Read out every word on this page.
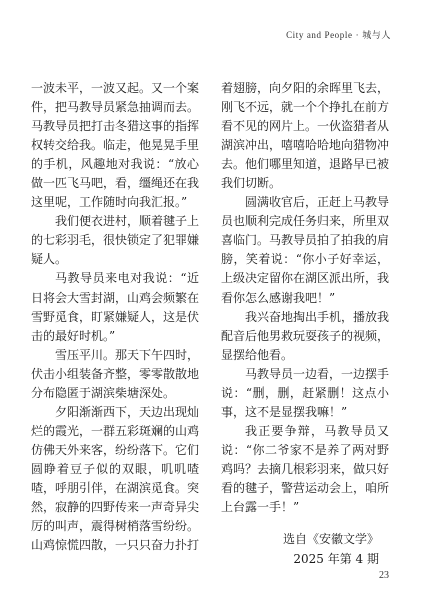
City and People · 城与人

一波未平，一波又起。又一个案件，把马教导员紧急抽调而去。马教导员把打击冬猎这事的指挥权转交给我。临走，他晃晃手里的手机，风趣地对我说：“放心做一匹飞马吧，看，缰绳还在我这里呢，工作随时向我汇报。”

我们便衣进村，顺着毽子上的七彩羽毛，很快锁定了犯罪嫌疑人。

马教导员来电对我说：“近日将会大雪封湖，山鸡会频繁在雪野觅食，盯紧嫌疑人，这是伏击的最好时机。”

雪压平川。那天下午四时，伏击小组装备齐整，零零散散地分布隐匿于湖滨柴塘深处。

夕阳渐渐西下，天边出现灿烂的霞光，一群五彩斑斓的山鸡仿佛天外来客，纷纷落下。它们圆睁着豆子似的双眼，叽叽喳喳，呼朋引伴，在湖滨觅食。突然，寂静的四野传来一声奇异尖厉的叫声，震得树梢落雪纷纷。山鸡惊慌四散，一只只奋力扑打

着翅膀，向夕阳的余晖里飞去，刚飞不远，就一个个挣扎在前方看不见的网片上。一伙盗猎者从湖滨冲出，嘻嘻哈哈地向猎物冲去。他们哪里知道，退路早已被我们切断。

圆满收官后，正赶上马教导员也顺利完成任务归来，所里双喜临门。马教导员拍了拍我的肩膀，笑着说：“你小子好幸运，上级决定留你在湖区派出所，我看你怎么感谢我吧！”

我兴奋地掏出手机，播放我配音后他男救玩耍孩子的视频，显摆给他看。

马教导员一边看，一边摆手说：“删，删，赶紧删！这点小事，这不是显摆我嘛！”

我正要争辩，马教导员又说：“你二爷家不是养了两对野鸡吗？去摘几根彩羽来，做只好看的毽子，警营运动会上，咱所上台露一手！”

选自《安徽文学》
2025 年第 4 期

23
